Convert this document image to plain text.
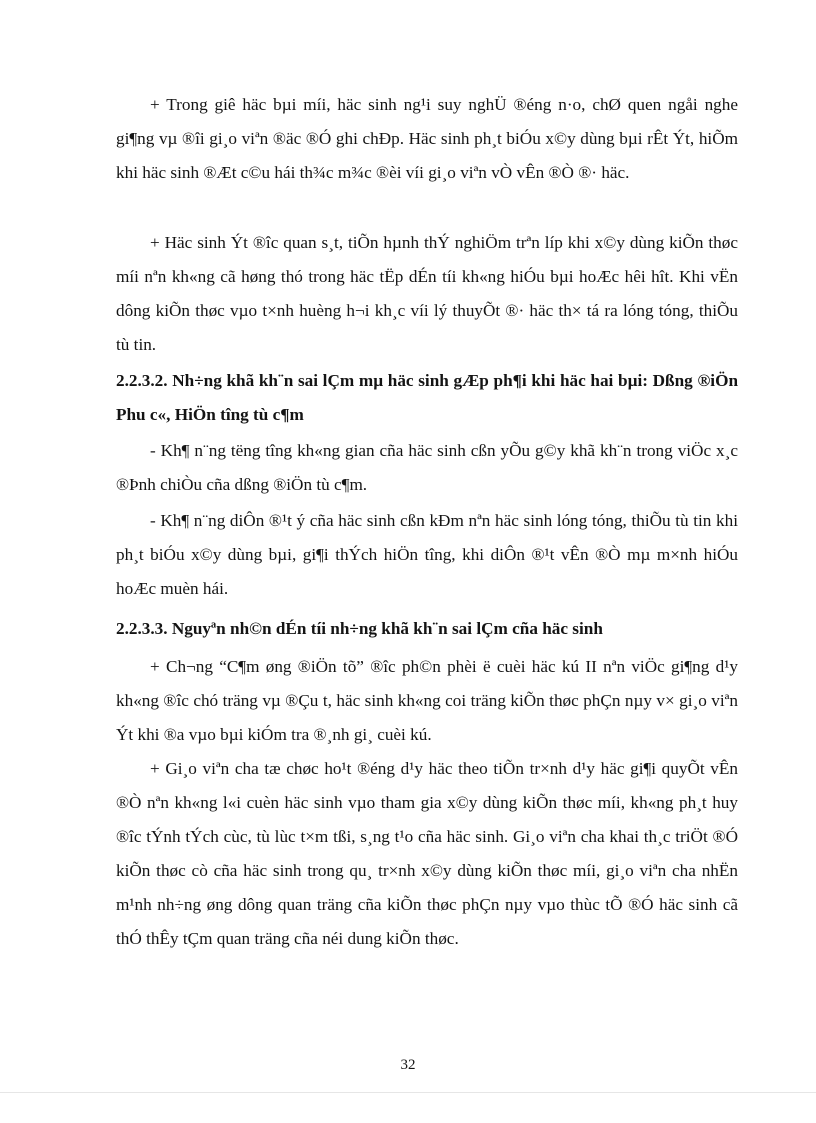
+ Trong giê häc bµi míi, häc sinh ng¹i suy nghÜ ®éng n·o, chØ quen ngåi nghe gi¶ng vµ ®îi gi¸o viªn ®äc ®Ó ghi chÐp. Häc sinh ph¸t biÓu x©y dùng bµi rÊt Ýt, hiÕm khi häc sinh ®Æt c©u hái th¾c m¾c ®èi víi gi¸o viªn vÒ vÊn ®Ò ®· häc.

+ Häc sinh Ýt ®îc quan s¸t, tiÕn hµnh thÝ nghiÖm trªn líp khi x©y dùng kiÕn thøc míi nªn kh«ng cã høng thó trong häc tËp dÉn tíi kh«ng hiÓu bµi hoÆc hêi hît. Khi vËn dông kiÕn thøc vµo t×nh huèng h¬i kh¸c víi lý thuyÕt ®· häc th× tá ra lóng tóng, thiÕu tù tin.

2.2.3.2. Nh÷ng khã kh¨n sai lÇm mµ häc sinh gÆp ph¶i khi häc hai bµi: Dßng ®iÖn Phu c«, HiÖn tîng tù c¶m

- Kh¶ n¨ng tëng tîng kh«ng gian cña häc sinh cßn yÕu g©y khã kh¨n trong viÖc x¸c ®Þnh chiÒu cña dßng ®iÖn tù c¶m.

- Kh¶ n¨ng diÔn ®¹t ý cña häc sinh cßn kÐm nªn häc sinh lóng tóng, thiÕu tù tin khi ph¸t biÓu x©y dùng bµi, gi¶i thÝch hiÖn tîng, khi diÔn ®¹t vÊn ®Ò mµ m×nh hiÓu hoÆc muèn hái.

2.2.3.3. Nguyªn nh©n dÉn tíi nh÷ng khã kh¨n sai lÇm cña häc sinh

+ Ch¬ng “C¶m øng ®iÖn tõ” ®îc ph©n phèi ë cuèi häc kú II nªn viÖc gi¶ng d¹y kh«ng ®îc chó träng vµ ®Çu t, häc sinh kh«ng coi träng kiÕn thøc phÇn nµy v× gi¸o viªn Ýt khi ®a vµo bµi kiÓm tra ®¸nh gi¸ cuèi kú.

+ Gi¸o viªn cha tæ chøc ho¹t ®éng d¹y häc theo tiÕn tr×nh d¹y häc gi¶i quyÕt vÊn ®Ò nªn kh«ng l«i cuèn häc sinh vµo tham gia x©y dùng kiÕn thøc míi, kh«ng ph¸t huy ®îc tÝnh tÝch cùc, tù lùc t×m tßi, s¸ng t¹o cña häc sinh. Gi¸o viªn cha khai th¸c triÖt ®Ó kiÕn thøc cò cña häc sinh trong qu¸ tr×nh x©y dùng kiÕn thøc míi, gi¸o viªn cha nhËn m¹nh nh÷ng øng dông quan träng cña kiÕn thøc phÇn nµy vµo thùc tÕ ®Ó häc sinh cã thÓ thÊy tÇm quan träng cña néi dung kiÕn thøc.

32
